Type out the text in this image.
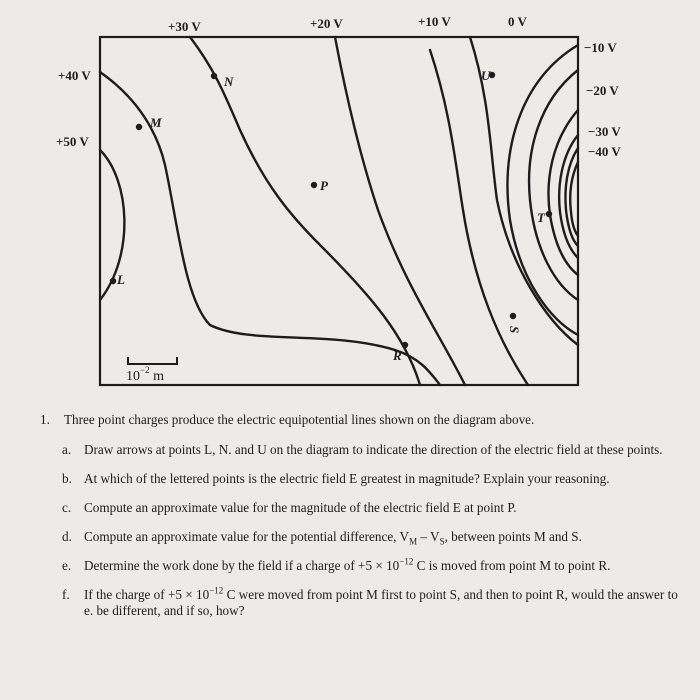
+30 V	+20 V	+10 V	0 V
+40 V
+50 V
−10 V
−20 V
−30 V
−40 V
M
N
P
U
T
L
R
S
$10^{-2}$ m
1.	Three point charges produce the electric equipotential lines shown on the diagram above.
a. Draw arrows at points L, N. and U on the diagram to indicate the direction of the electric field at these points.
b. At which of the lettered points is the electric field E greatest in magnitude? Explain your reasoning.
c. Compute an approximate value for the magnitude of the electric field E at point P.
d. Compute an approximate value for the potential difference, $V_M - V_S$, between points M and S.
e. Determine the work done by the field if a charge of $+5 \times 10^{-12}$ C is moved from point M to point R.
f.	If the charge of $+5 \times 10^{-12}$ C were moved from point M first to point S, and then to point R, would the answer to e. be different, and if so, how?
